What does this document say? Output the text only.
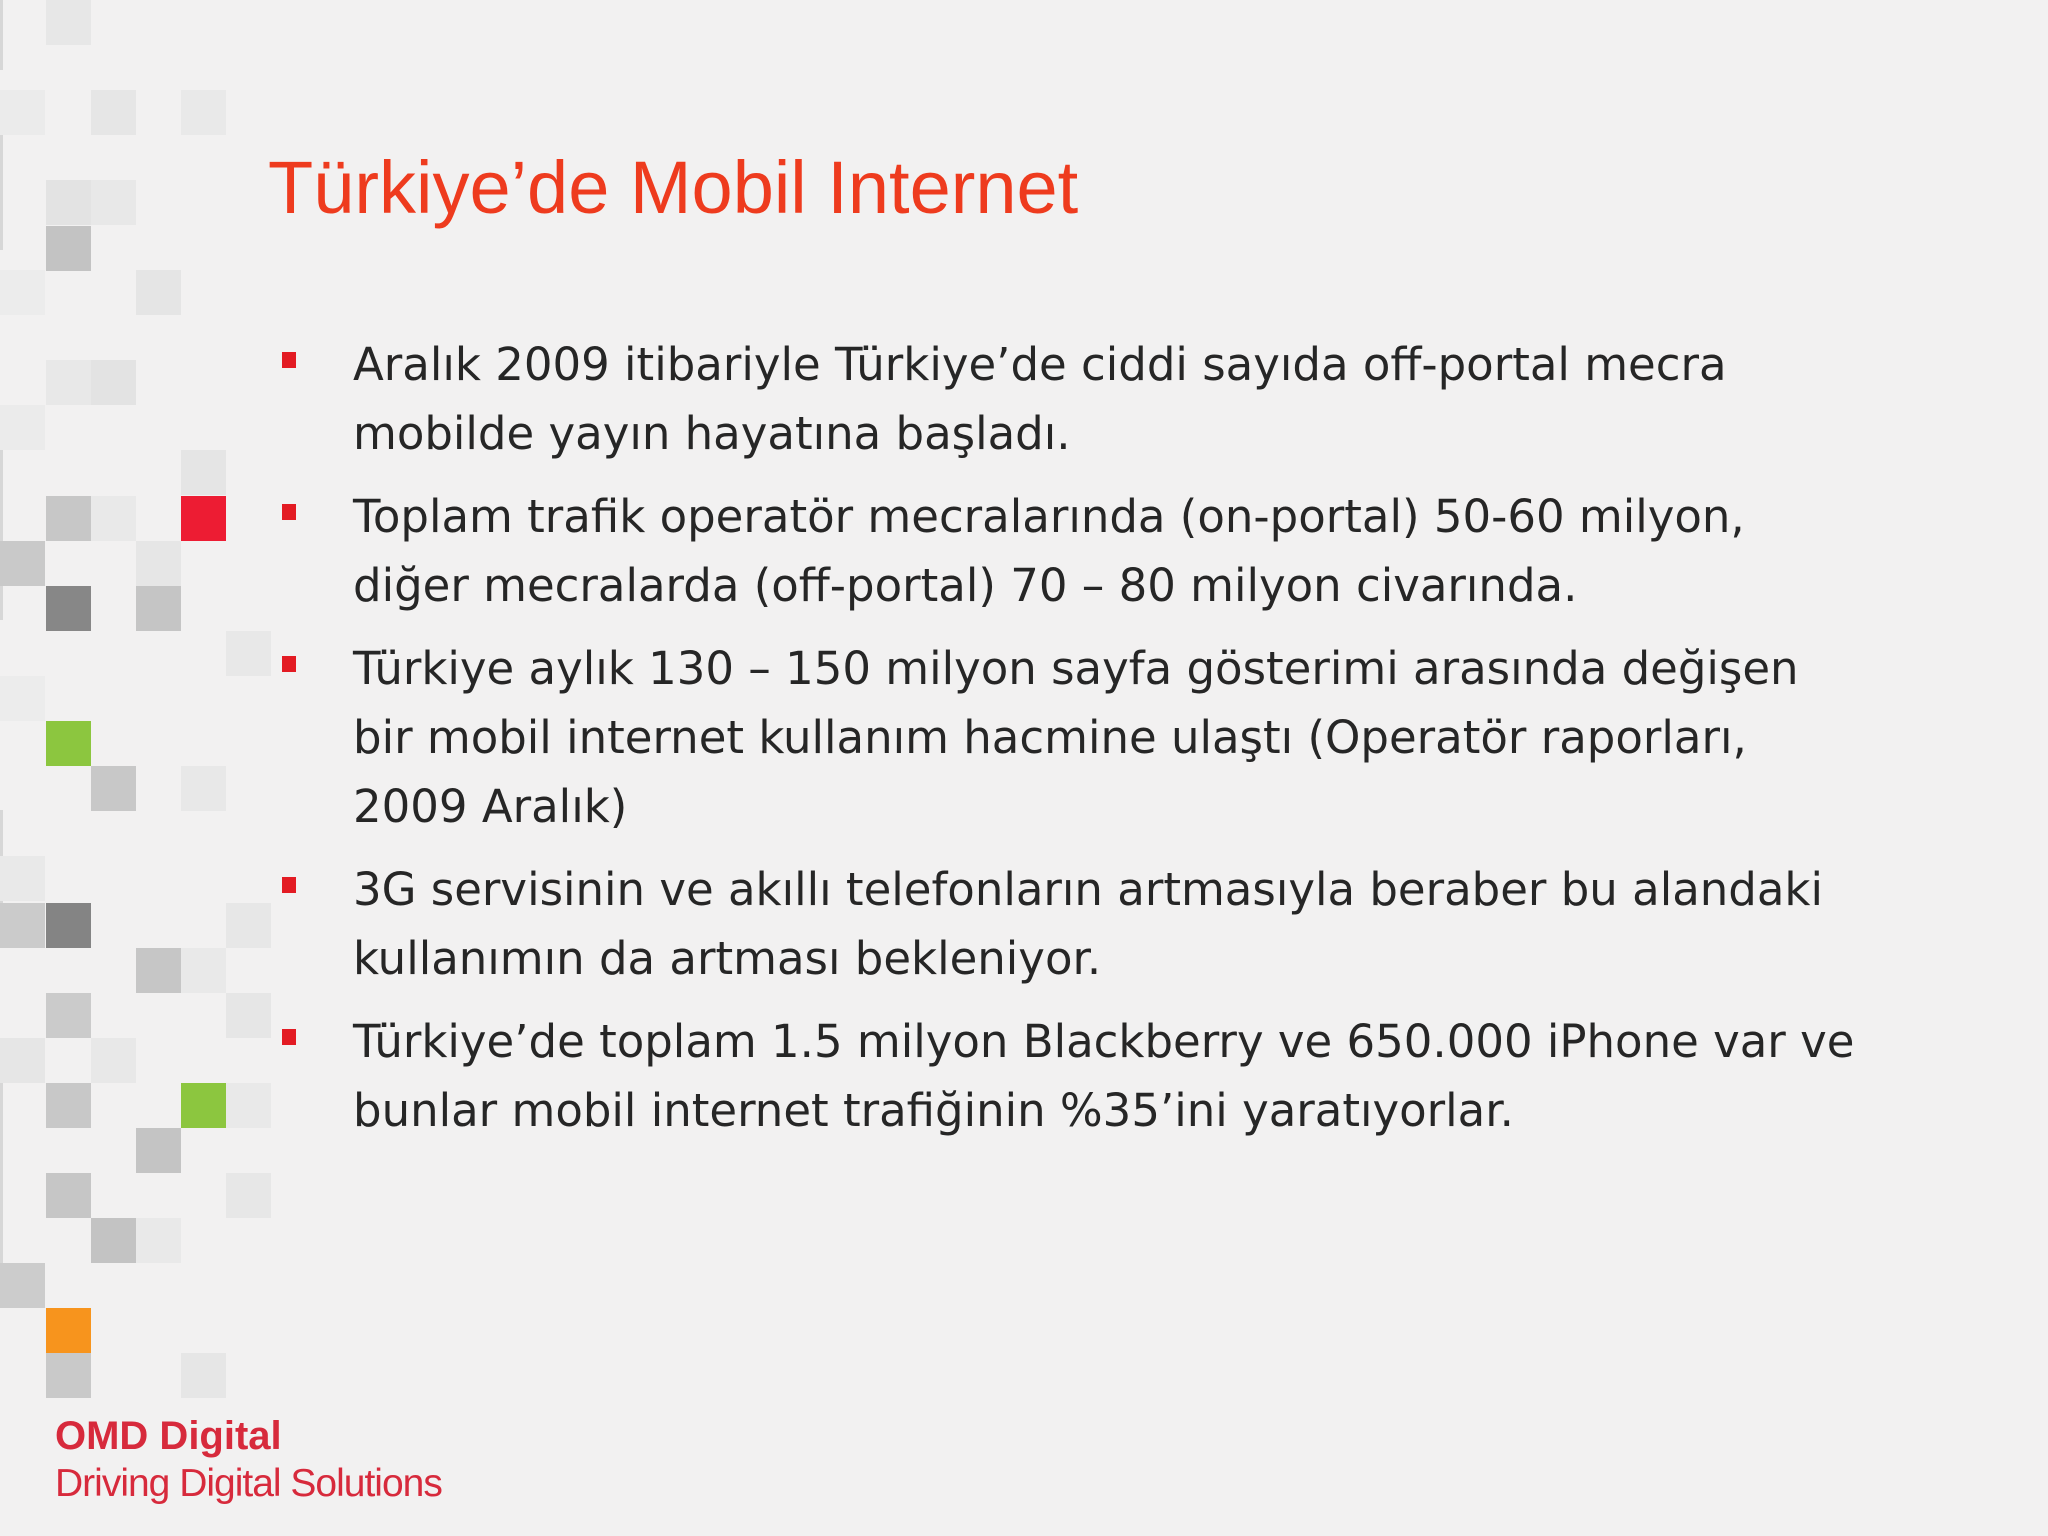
Türkiye’de Mobil Internet
Aralık 2009 itibariyle Türkiye’de ciddi sayıda off-portal mecra
mobilde yayın hayatına başladı.
Toplam trafik operatör mecralarında (on-portal) 50-60 milyon,
diğer mecralarda (off-portal) 70 – 80 milyon civarında.
Türkiye aylık 130 – 150 milyon sayfa gösterimi arasında değişen
bir mobil internet kullanım hacmine ulaştı (Operatör raporları,
2009 Aralık)
3G servisinin ve akıllı telefonların artmasıyla beraber bu alandaki
kullanımın da artması bekleniyor.
Türkiye’de toplam 1.5 milyon Blackberry ve 650.000 iPhone var ve
bunlar mobil internet trafiğinin %35’ini yaratıyorlar.
OMD Digital
Driving Digital Solutions
